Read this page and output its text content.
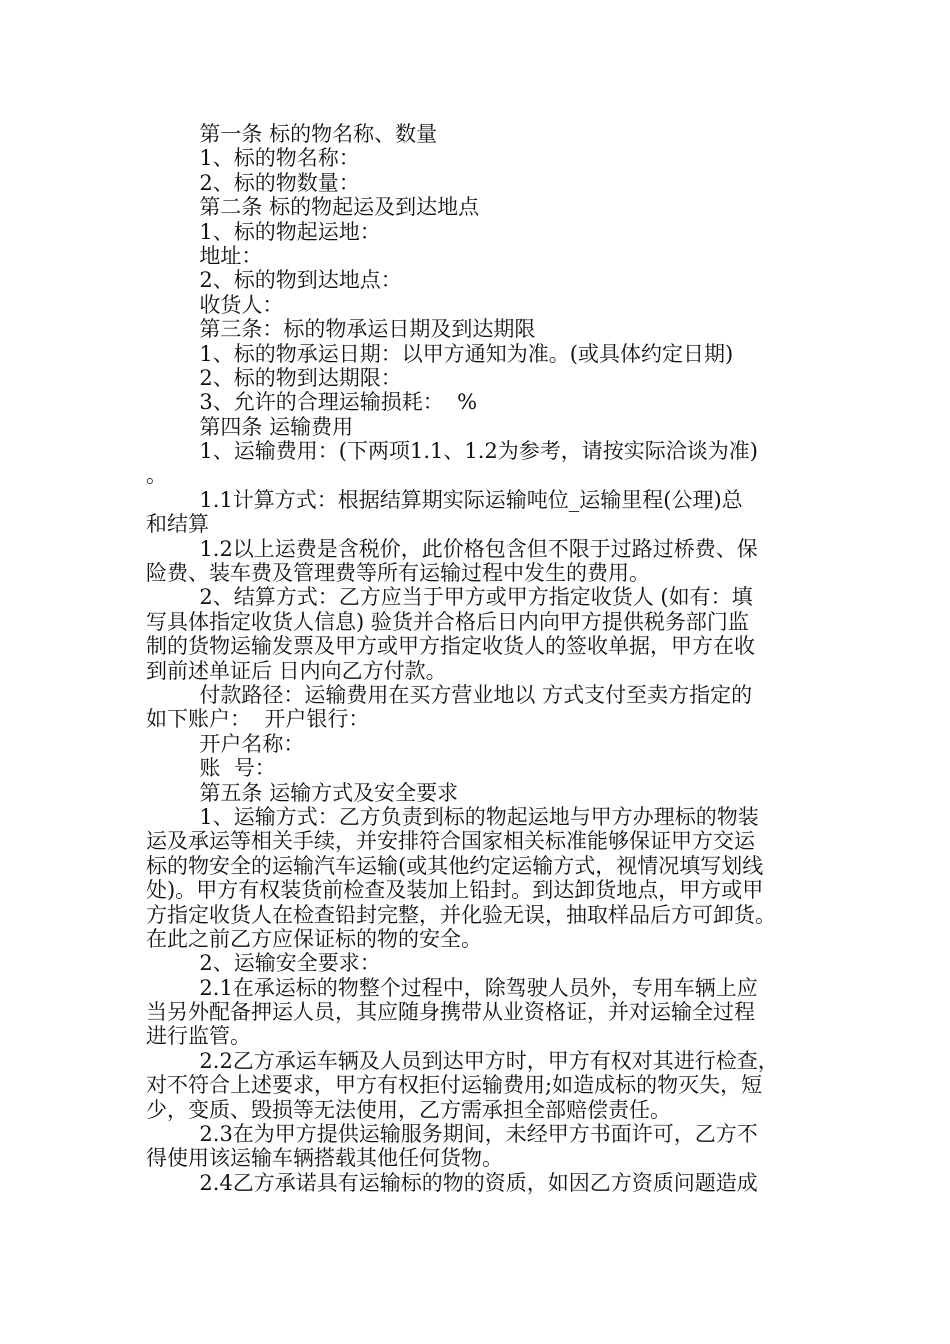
第一条 标的物名称、数量
1、标的物名称：
2、标的物数量：
第二条 标的物起运及到达地点
1、标的物起运地：
地址：
2、标的物到达地点：
收货人：
第三条：标的物承运日期及到达期限
1、标的物承运日期：以甲方通知为准。(或具体约定日期)
2、标的物到达期限：
3、允许的合理运输损耗：  %
第四条 运输费用
1、运输费用：(下两项1.1、1.2为参考，请按实际洽谈为准)
。
1.1计算方式：根据结算期实际运输吨位_运输里程(公理)总
和结算
1.2以上运费是含税价，此价格包含但不限于过路过桥费、保
险费、装车费及管理费等所有运输过程中发生的费用。
2、结算方式：乙方应当于甲方或甲方指定收货人 (如有：填
写具体指定收货人信息) 验货并合格后日内向甲方提供税务部门监
制的货物运输发票及甲方或甲方指定收货人的签收单据，甲方在收
到前述单证后 日内向乙方付款。
付款路径：运输费用在买方营业地以 方式支付至卖方指定的
如下账户：  开户银行：
开户名称：
账  号：
第五条 运输方式及安全要求
1、运输方式：乙方负责到标的物起运地与甲方办理标的物装
运及承运等相关手续，并安排符合国家相关标准能够保证甲方交运
标的物安全的运输汽车运输(或其他约定运输方式，视情况填写划线
处)。甲方有权装货前检查及装加上铅封。到达卸货地点，甲方或甲
方指定收货人在检查铅封完整，并化验无误，抽取样品后方可卸货。
在此之前乙方应保证标的物的安全。
2、运输安全要求：
2.1在承运标的物整个过程中，除驾驶人员外，专用车辆上应
当另外配备押运人员，其应随身携带从业资格证，并对运输全过程
进行监管。
2.2乙方承运车辆及人员到达甲方时，甲方有权对其进行检查，
对不符合上述要求，甲方有权拒付运输费用;如造成标的物灭失，短
少，变质、毁损等无法使用，乙方需承担全部赔偿责任。
2.3在为甲方提供运输服务期间，未经甲方书面许可，乙方不
得使用该运输车辆搭载其他任何货物。
2.4乙方承诺具有运输标的物的资质，如因乙方资质问题造成
